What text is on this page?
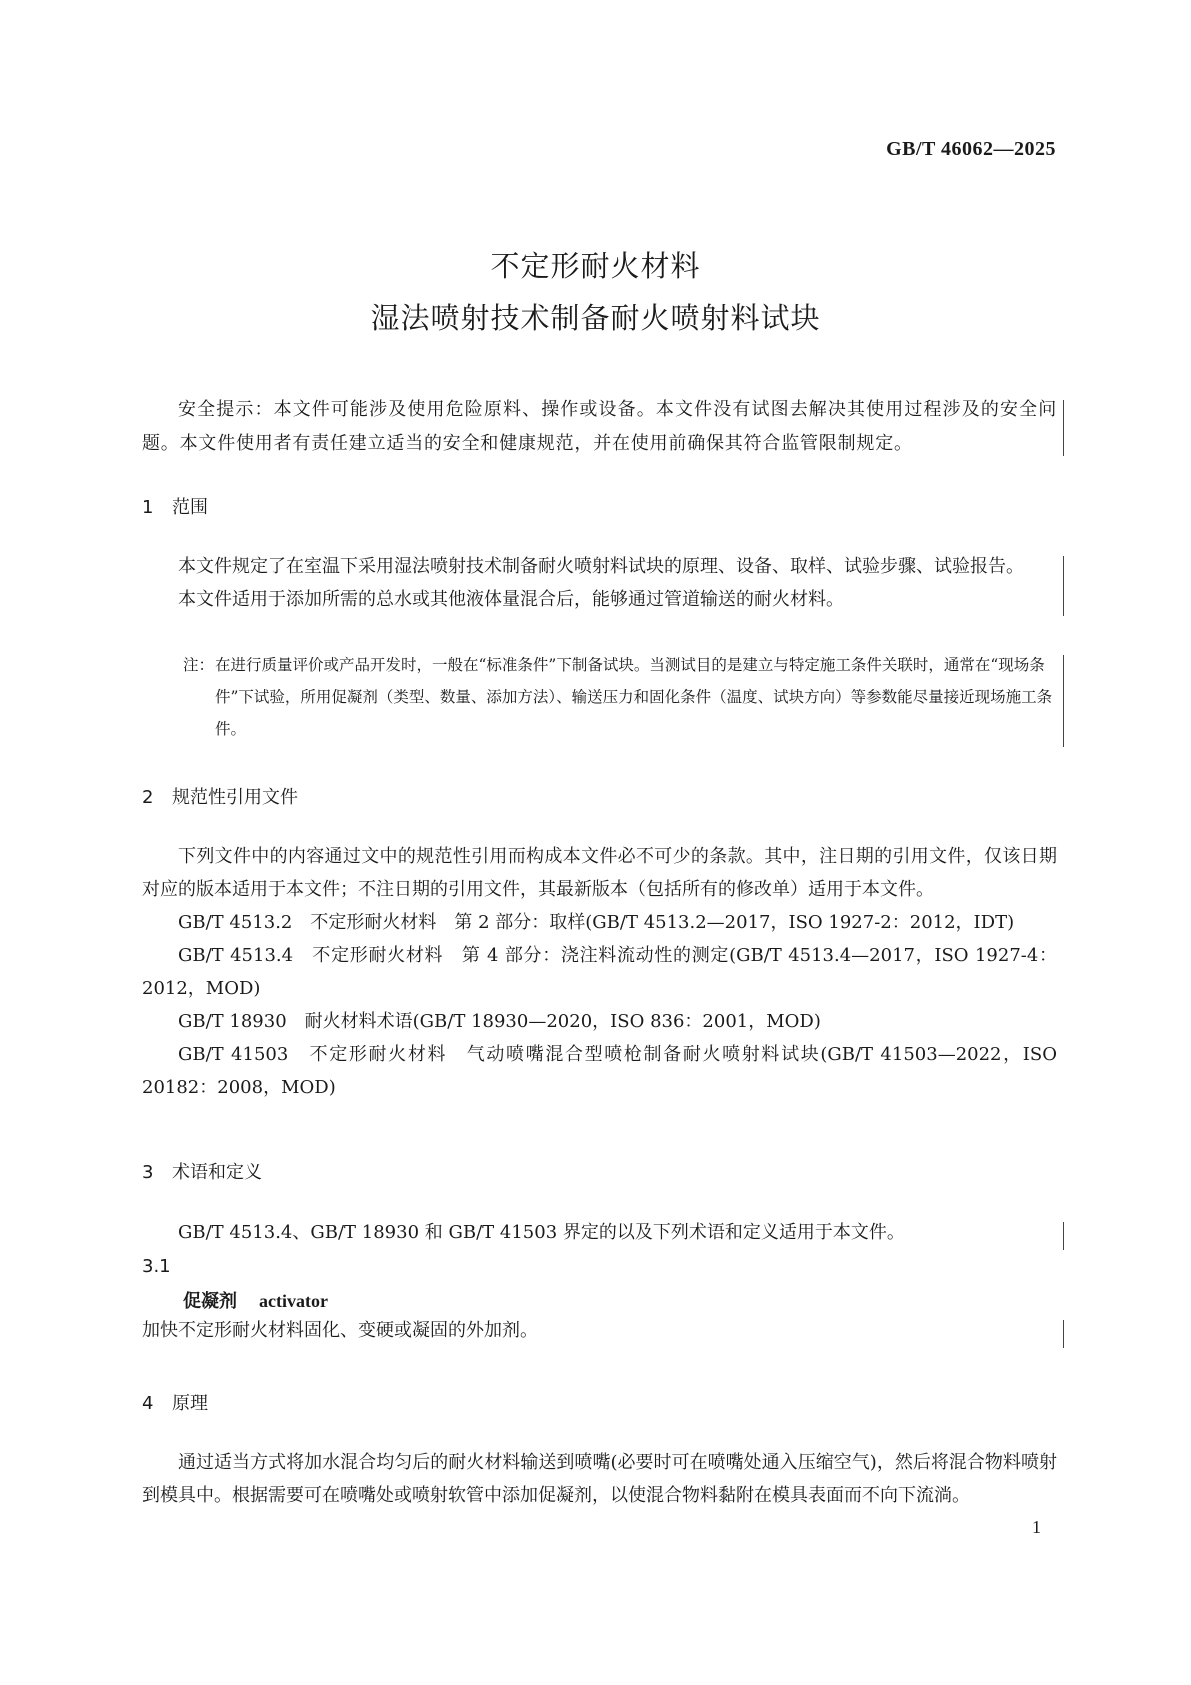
GB/T 46062—2025
不定形耐火材料
湿法喷射技术制备耐火喷射料试块
安全提示：本文件可能涉及使用危险原料、操作或设备。本文件没有试图去解决其使用过程涉及的安全问题。本文件使用者有责任建立适当的安全和健康规范，并在使用前确保其符合监管限制规定。
1 范围

本文件规定了在室温下采用湿法喷射技术制备耐火喷射料试块的原理、设备、取样、试验步骤、试验报告。

本文件适用于添加所需的总水或其他液体量混合后，能够通过管道输送的耐火材料。

注： 在进行质量评价或产品开发时，一般在“标准条件”下制备试块。当测试目的是建立与特定施工条件关联时，通常在“现场条件”下试验，所用促凝剂（类型、数量、添加方法）、输送压力和固化条件（温度、试块方向）等参数能尽量接近现场施工条件。
2 规范性引用文件

下列文件中的内容通过文中的规范性引用而构成本文件必不可少的条款。其中，注日期的引用文件，仅该日期对应的版本适用于本文件；不注日期的引用文件，其最新版本（包括所有的修改单）适用于本文件。

GB/T 4513.2　不定形耐火材料　第 2 部分：取样(GB/T 4513.2—2017，ISO 1927-2：2012，IDT)

GB/T 4513.4　不定形耐火材料　第 4 部分：浇注料流动性的测定(GB/T 4513.4—2017，ISO 1927-4：2012，MOD)

GB/T 18930　耐火材料术语(GB/T 18930—2020，ISO 836：2001，MOD)

GB/T 41503　不定形耐火材料　气动喷嘴混合型喷枪制备耐火喷射料试块(GB/T 41503—2022，ISO 20182：2008，MOD)

3 术语和定义

GB/T 4513.4、GB/T 18930 和 GB/T 41503 界定的以及下列术语和定义适用于本文件。

3.1
促凝剂 activator

加快不定形耐火材料固化、变硬或凝固的外加剂。

4 原理

通过适当方式将加水混合均匀后的耐火材料输送到喷嘴(必要时可在喷嘴处通入压缩空气)，然后将混合物料喷射到模具中。根据需要可在喷嘴处或喷射软管中添加促凝剂，以使混合物料黏附在模具表面而不向下流淌。

1
